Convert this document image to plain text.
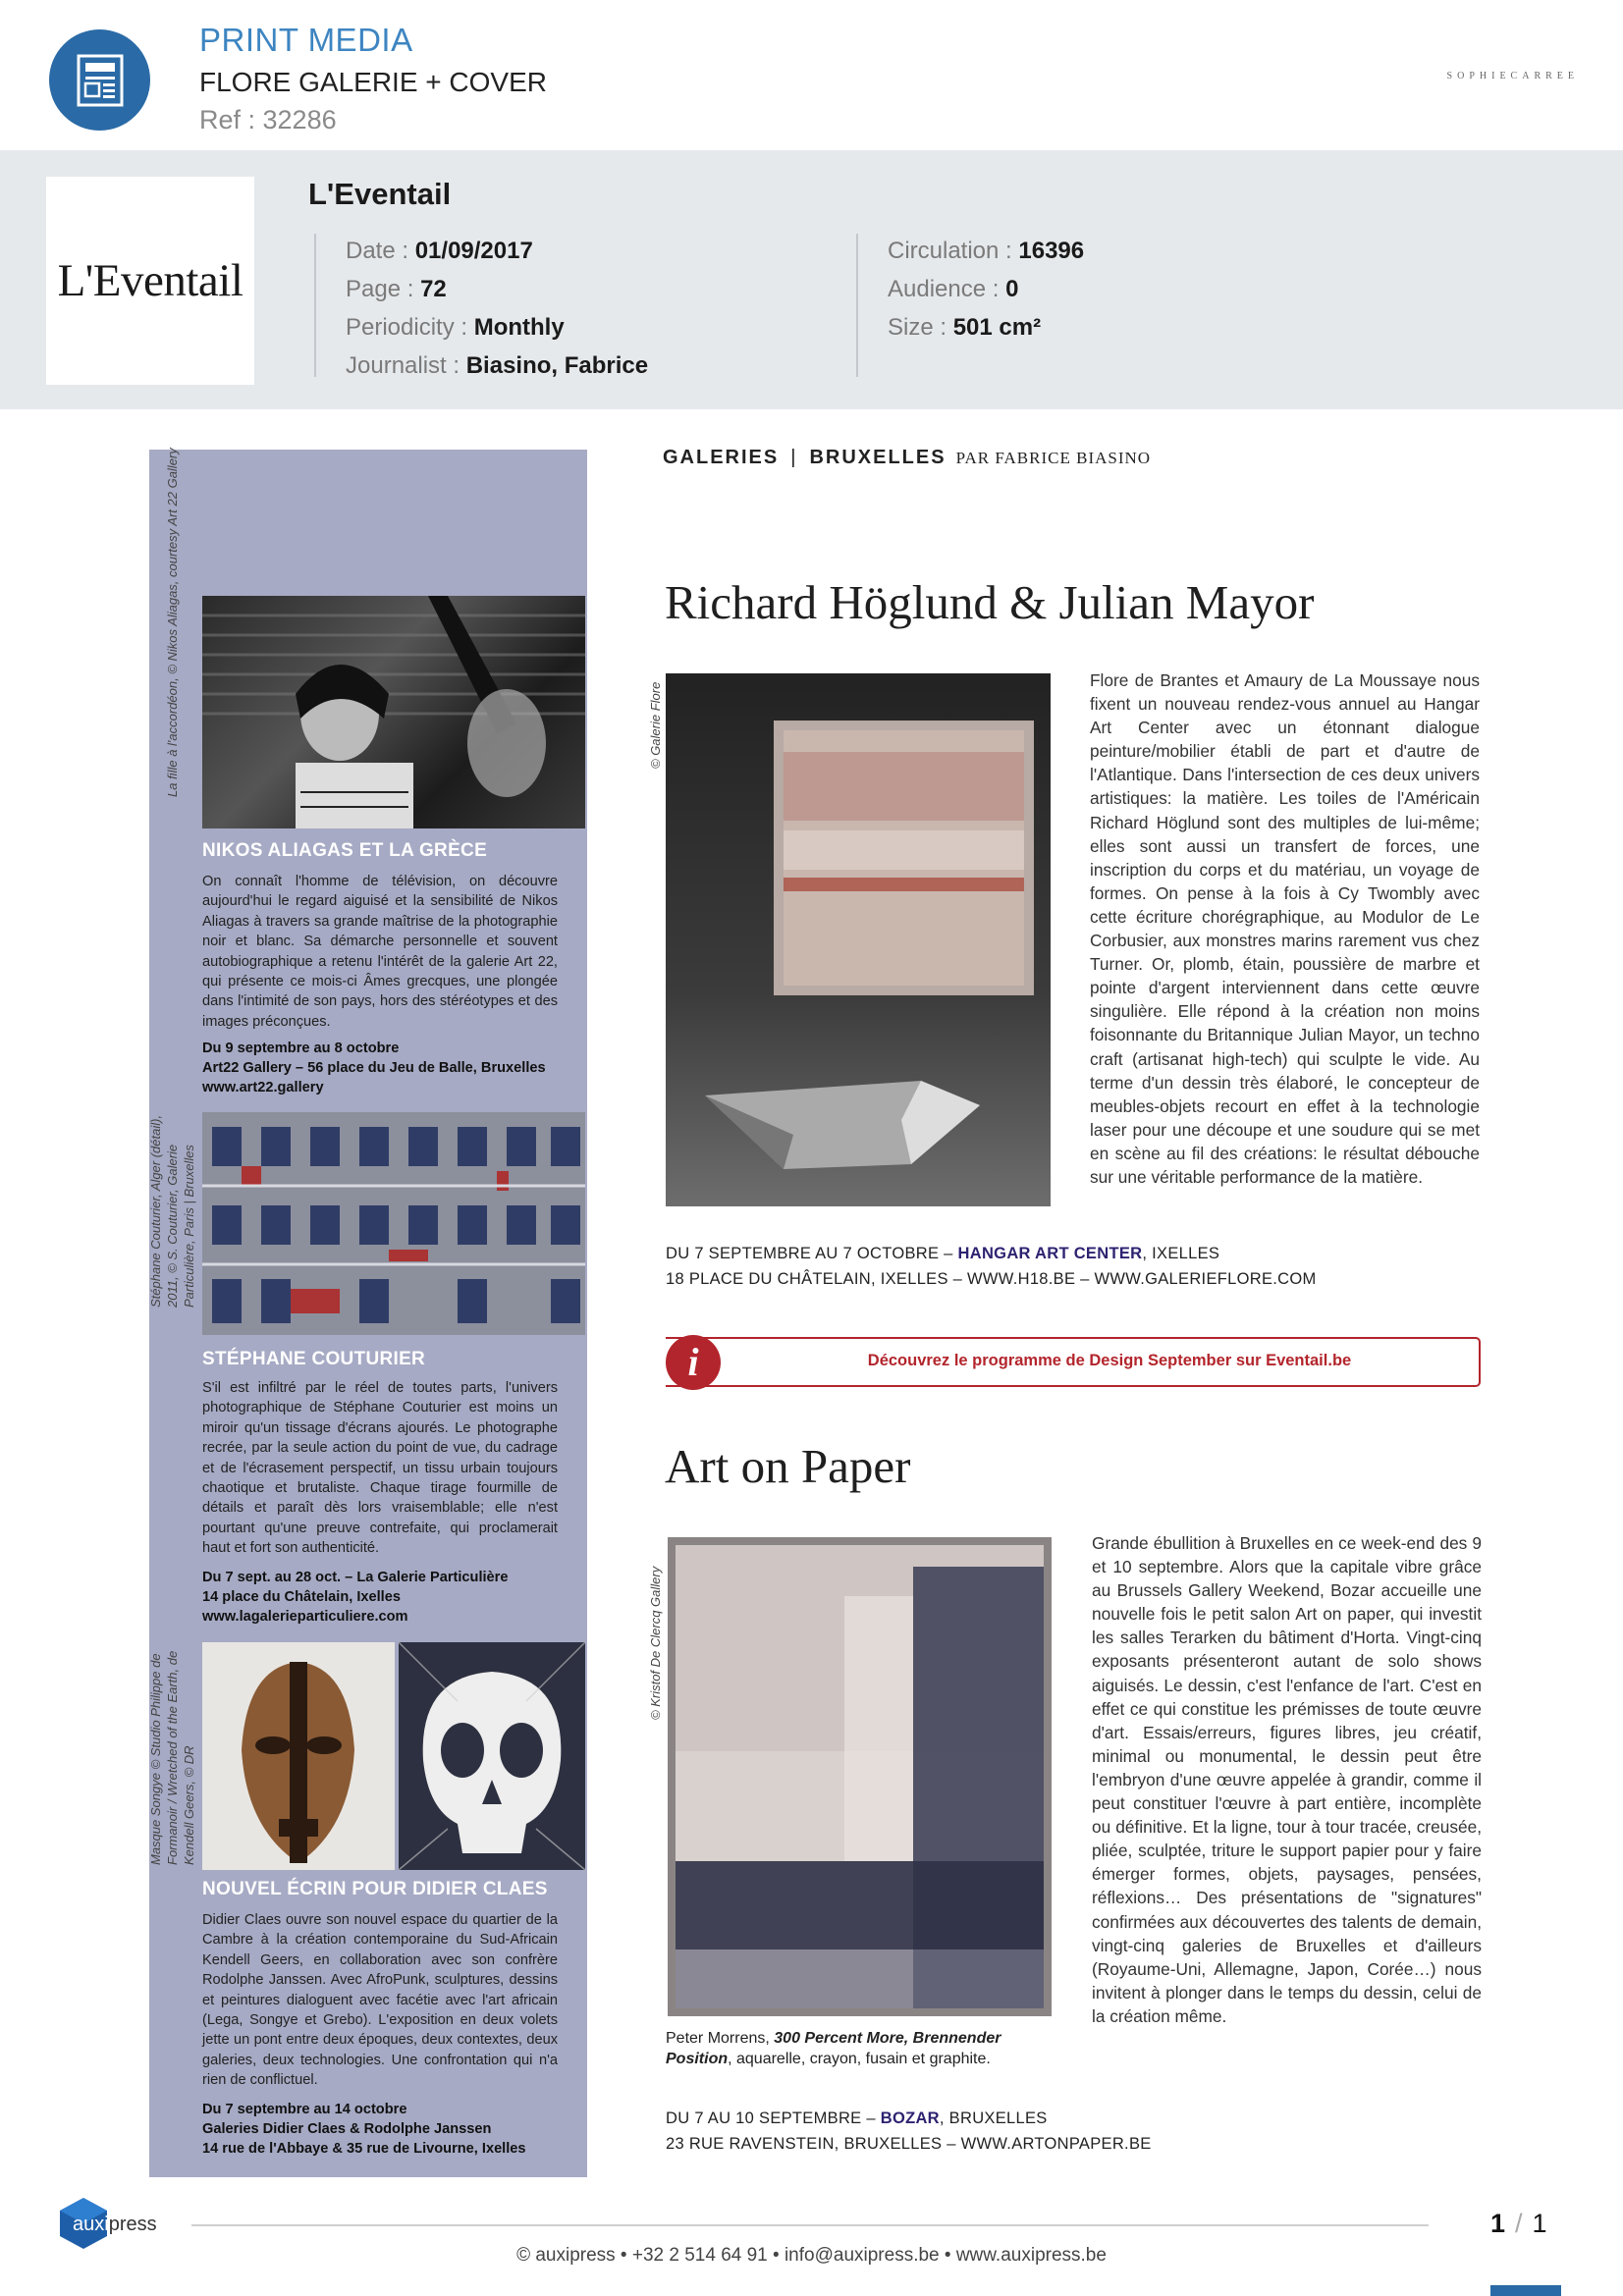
PRINT MEDIA
FLORE GALERIE + COVER
Ref : 32286
SOPHIECARREE
L'Eventail
L'Eventail
Date : 01/09/2017
Page : 72
Periodicity : Monthly
Journalist : Biasino, Fabrice
Circulation : 16396
Audience : 0
Size : 501 cm²
La fille à l'accordéon, © Nikos Aliagas, courtesy Art 22 Gallery
NIKOS ALIAGAS ET LA GRÈCE
On connaît l'homme de télévision, on découvre aujourd'hui le regard aiguisé et la sensibilité de Nikos Aliagas à travers sa grande maîtrise de la photographie noir et blanc. Sa démarche personnelle et souvent autobiographique a retenu l'intérêt de la galerie Art 22, qui présente ce mois-ci Âmes grecques, une plongée dans l'intimité de son pays, hors des stéréotypes et des images préconçues.
Du 9 septembre au 8 octobre
Art22 Gallery – 56 place du Jeu de Balle, Bruxelles
www.art22.gallery
Stéphane Couturier, Alger (détail), 2011, © S. Couturier, Galerie Particulière, Paris | Bruxelles
STÉPHANE COUTURIER
S'il est infiltré par le réel de toutes parts, l'univers photographique de Stéphane Couturier est moins un miroir qu'un tissage d'écrans ajourés. Le photographe recrée, par la seule action du point de vue, du cadrage et de l'écrasement perspectif, un tissu urbain toujours chaotique et brutaliste. Chaque tirage fourmille de détails et paraît dès lors vraisemblable; elle n'est pourtant qu'une preuve contrefaite, qui proclamerait haut et fort son authenticité.
Du 7 sept. au 28 oct. – La Galerie Particulière
14 place du Châtelain, Ixelles
www.lagalerieparticuliere.com
Masque Songye © Studio Philippe de Formanoir / Wretched of the Earth, de Kendell Geers, © DR
NOUVEL ÉCRIN POUR DIDIER CLAES
Didier Claes ouvre son nouvel espace du quartier de la Cambre à la création contemporaine du Sud-Africain Kendell Geers, en collaboration avec son confrère Rodolphe Janssen. Avec AfroPunk, sculptures, dessins et peintures dialoguent avec facétie avec l'art africain (Lega, Songye et Grebo). L'exposition en deux volets jette un pont entre deux époques, deux contextes, deux galeries, deux technologies. Une confrontation qui n'a rien de conflictuel.
Du 7 septembre au 14 octobre
Galeries Didier Claes & Rodolphe Janssen
14 rue de l'Abbaye & 35 rue de Livourne, Ixelles
GALERIES | BRUXELLES PAR FABRICE BIASINO
Richard Höglund & Julian Mayor
© Galerie Flore
Flore de Brantes et Amaury de La Moussaye nous fixent un nouveau rendez-vous annuel au Hangar Art Center avec un étonnant dialogue peinture/mobilier établi de part et d'autre de l'Atlantique. Dans l'intersection de ces deux univers artistiques: la matière. Les toiles de l'Américain Richard Höglund sont des multiples de lui-même; elles sont aussi un transfert de forces, une inscription du corps et du matériau, un voyage de formes. On pense à la fois à Cy Twombly avec cette écriture chorégraphique, au Modulor de Le Corbusier, aux monstres marins rarement vus chez Turner. Or, plomb, étain, poussière de marbre et pointe d'argent interviennent dans cette œuvre singulière. Elle répond à la création non moins foisonnante du Britannique Julian Mayor, un techno craft (artisanat high-tech) qui sculpte le vide. Au terme d'un dessin très élaboré, le concepteur de meubles-objets recourt en effet à la technologie laser pour une découpe et une soudure qui se met en scène au fil des créations: le résultat débouche sur une véritable performance de la matière.
DU 7 SEPTEMBRE AU 7 OCTOBRE – HANGAR ART CENTER, IXELLES
18 PLACE DU CHÂTELAIN, IXELLES – WWW.H18.BE – WWW.GALERIEFLORE.COM
i	Découvrez le programme de Design September sur Eventail.be
Art on Paper
© Kristof De Clercq Gallery
Peter Morrens, 300 Percent More, Brennender Position, aquarelle, crayon, fusain et graphite.
Grande ébullition à Bruxelles en ce week-end des 9 et 10 septembre. Alors que la capitale vibre grâce au Brussels Gallery Weekend, Bozar accueille une nouvelle fois le petit salon Art on paper, qui investit les salles Terarken du bâtiment d'Horta. Vingt-cinq exposants présenteront autant de solo shows aiguisés. Le dessin, c'est l'enfance de l'art. C'est en effet ce qui constitue les prémisses de toute œuvre d'art. Essais/erreurs, figures libres, jeu créatif, minimal ou monumental, le dessin peut être l'embryon d'une œuvre appelée à grandir, comme il peut constituer l'œuvre à part entière, incomplète ou définitive. Et la ligne, tour à tour tracée, creusée, pliée, sculptée, triture le support papier pour y faire émerger formes, objets, paysages, pensées, réflexions… Des présentations de "signatures" confirmées aux découvertes des talents de demain, vingt-cinq galeries de Bruxelles et d'ailleurs (Royaume-Uni, Allemagne, Japon, Corée…) nous invitent à plonger dans le temps du dessin, celui de la création même.
DU 7 AU 10 SEPTEMBRE – BOZAR, BRUXELLES
23 RUE RAVENSTEIN, BRUXELLES – WWW.ARTONPAPER.BE
auxipress	1 / 1
© auxipress • +32 2 514 64 91 • info@auxipress.be • www.auxipress.be
